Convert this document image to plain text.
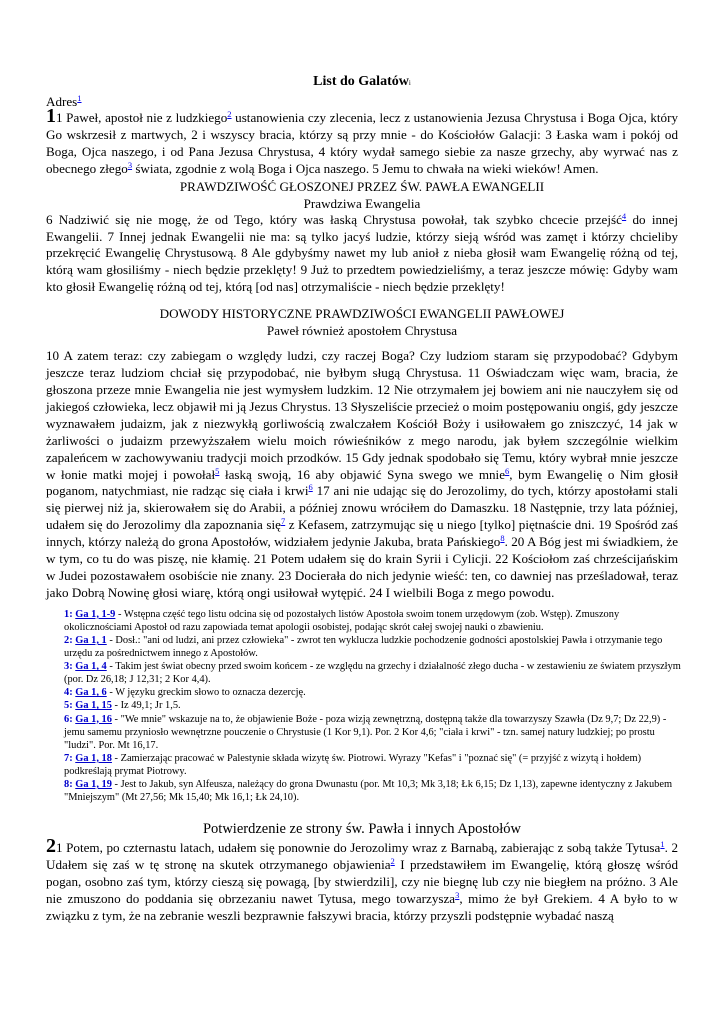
List do Galatówi

Adres$^1$

11 Paweł, apostoł nie z ludzkiego$^2$ ustanowienia czy zlecenia, lecz z ustanowienia Jezusa Chrystusa i Boga Ojca, który Go wskrzesił z martwych, 2 i wszyscy bracia, którzy są przy mnie - do Kościołów Galacji: 3 Łaska wam i pokój od Boga, Ojca naszego, i od Pana Jezusa Chrystusa, 4 który wydał samego siebie za nasze grzechy, aby wyrwać nas z obecnego złego$^3$ świata, zgodnie z wolą Boga i Ojca naszego. 5 Jemu to chwała na wieki wieków! Amen.

PRAWDZIWOŚĆ GŁOSZONEJ PRZEZ ŚW. PAWŁA EWANGELII

Prawdziwa Ewangelia

6 Nadziwić się nie mogę, że od Tego, który was łaską Chrystusa powołał, tak szybko chcecie przejść$^4$ do innej Ewangelii. 7 Innej jednak Ewangelii nie ma: są tylko jacyś ludzie, którzy sieją wśród was zamęt i którzy chcieliby przekręcić Ewangelię Chrystusową. 8 Ale gdybyśmy nawet my lub anioł z nieba głosił wam Ewangelię różną od tej, którą wam głosiliśmy - niech będzie przeklęty! 9 Już to przedtem powiedzieliśmy, a teraz jeszcze mówię: Gdyby wam kto głosił Ewangelię różną od tej, którą [od nas] otrzymaliście - niech będzie przeklęty!

DOWODY HISTORYCZNE PRAWDZIWOŚCI EWANGELII PAWŁOWEJ

Paweł również apostołem Chrystusa

10 A zatem teraz: czy zabiegam o względy ludzi, czy raczej Boga? Czy ludziom staram się przypodobać? Gdybym jeszcze teraz ludziom chciał się przypodobać, nie byłbym sługą Chrystusa. 11 Oświadczam więc wam, bracia, że głoszona przeze mnie Ewangelia nie jest wymysłem ludzkim. 12 Nie otrzymałem jej bowiem ani nie nauczyłem się od jakiegoś człowieka, lecz objawił mi ją Jezus Chrystus. 13 Słyszeliście przecież o moim postępowaniu ongiś, gdy jeszcze wyznawałem judaizm, jak z niezwykłą gorliwością zwalczałem Kościół Boży i usiłowałem go zniszczyć, 14 jak w żarliwości o judaizm przewyższałem wielu moich rówieśników z mego narodu, jak byłem szczególnie wielkim zapaleńcem w zachowywaniu tradycji moich przodków. 15 Gdy jednak spodobało się Temu, który wybrał mnie jeszcze w łonie matki mojej i powołał$^5$ łaską swoją, 16 aby objawić Syna swego we mnie$^6$, bym Ewangelię o Nim głosił poganom, natychmiast, nie radząc się ciała i krwi$^6$ 17 ani nie udając się do Jerozolimy, do tych, którzy apostołami stali się pierwej niż ja, skierowałem się do Arabii, a później znowu wróciłem do Damaszku. 18 Następnie, trzy lata później, udałem się do Jerozolimy dla zapoznania się$^7$ z Kefasem, zatrzymując się u niego [tylko] piętnaście dni. 19 Spośród zaś innych, którzy należą do grona Apostołów, widziałem jedynie Jakuba, brata Pańskiego$^8$. 20 A Bóg jest mi świadkiem, że w tym, co tu do was piszę, nie kłamię. 21 Potem udałem się do krain Syrii i Cylicji. 22 Kościołom zaś chrześcijańskim w Judei pozostawałem osobiście nie znany. 23 Docierała do nich jedynie wieść: ten, co dawniej nas prześladował, teraz jako Dobrą Nowinę głosi wiarę, którą ongi usiłował wytępić. 24 I wielbili Boga z mego powodu.

1: Ga 1, 1-9 - Wstępna część tego listu odcina się od pozostałych listów Apostoła swoim tonem urzędowym (zob. Wstęp). Zmuszony okolicznościami Apostoł od razu zapowiada temat apologii osobistej, podając skrót całej swojej nauki o zbawieniu.

2: Ga 1, 1 - Dosł.: "ani od ludzi, ani przez człowieka" - zwrot ten wyklucza ludzkie pochodzenie godności apostolskiej Pawła i otrzymanie tego urzędu za pośrednictwem innego z Apostołów.

3: Ga 1, 4 - Takim jest świat obecny przed swoim końcem - ze względu na grzechy i działalność złego ducha - w zestawieniu ze światem przyszłym (por. Dz 26,18; J 12,31; 2 Kor 4,4).

4: Ga 1, 6 - W języku greckim słowo to oznacza dezercję.

5: Ga 1, 15 - Iz 49,1; Jr 1,5.

6: Ga 1, 16 - "We mnie" wskazuje na to, że objawienie Boże - poza wizją zewnętrzną, dostępną także dla towarzyszy Szawła (Dz 9,7; Dz 22,9) - jemu samemu przyniosło wewnętrzne pouczenie o Chrystusie (1 Kor 9,1). Por. 2 Kor 4,6; "ciała i krwi" - tzn. samej natury ludzkiej; po prostu "ludzi". Por. Mt 16,17.

7: Ga 1, 18 - Zamierzając pracować w Palestynie składa wizytę św. Piotrowi. Wyrazy "Kefas" i "poznać się" (= przyjść z wizytą i hołdem) podkreślają prymat Piotrowy.

8: Ga 1, 19 - Jest to Jakub, syn Alfeusza, należący do grona Dwunastu (por. Mt 10,3; Mk 3,18; Łk 6,15; Dz 1,13), zapewne identyczny z Jakubem "Mniejszym" (Mt 27,56; Mk 15,40; Mk 16,1; Łk 24,10).

Potwierdzenie ze strony św. Pawła i innych Apostołów

21 Potem, po czternastu latach, udałem się ponownie do Jerozolimy wraz z Barnabą, zabierając z sobą także Tytusa$^1$. 2 Udałem się zaś w tę stronę na skutek otrzymanego objawienia$^2$ I przedstawiłem im Ewangelię, którą głoszę wśród pogan, osobno zaś tym, którzy cieszą się powagą, [by stwierdzili], czy nie biegnę lub czy nie biegłem na próżno. 3 Ale nie zmuszono do poddania się obrzezaniu nawet Tytusa, mego towarzysza$^3$, mimo że był Grekiem. 4 A było to w związku z tym, że na zebranie weszli bezprawnie fałszywi bracia, którzy przyszli podstępnie wybadać naszą
